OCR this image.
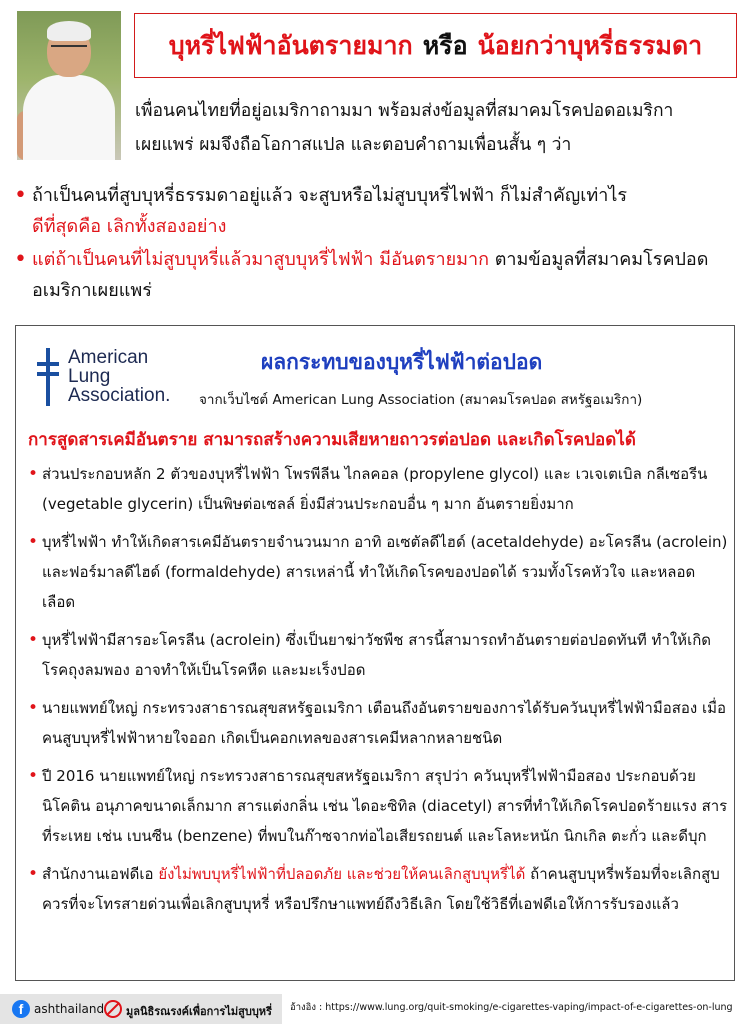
บุหรี่ไฟฟ้าอันตรายมาก หรือ น้อยกว่าบุหรี่ธรรมดา
เพื่อนคนไทยที่อยู่อเมริกาถามมา พร้อมส่งข้อมูลที่สมาคมโรคปอดอเมริกา
เผยแพร่ ผมจึงถือโอกาสแปล และตอบคำถามเพื่อนสั้น ๆ ว่า
• ถ้าเป็นคนที่สูบบุหรี่ธรรมดาอยู่แล้ว จะสูบหรือไม่สูบบุหรี่ไฟฟ้า ก็ไม่สำคัญเท่าไร
ดีที่สุดคือ เลิกทั้งสองอย่าง
• แต่ถ้าเป็นคนที่ไม่สูบบุหรี่แล้วมาสูบบุหรี่ไฟฟ้า มีอันตรายมาก ตามข้อมูลที่สมาคมโรคปอดอเมริกาเผยแพร่
American
Lung
Association.
ผลกระทบของบุหรี่ไฟฟ้าต่อปอด
จากเว็บไซต์ American Lung Association (สมาคมโรคปอด สหรัฐอเมริกา)
การสูดสารเคมีอันตราย สามารถสร้างความเสียหายถาวรต่อปอด และเกิดโรคปอดได้
• ส่วนประกอบหลัก 2 ตัวของบุหรี่ไฟฟ้า โพรพีลีน ไกลคอล (propylene glycol) และ เวเจเตเบิล กลีเซอรีน (vegetable glycerin) เป็นพิษต่อเซลล์ ยิ่งมีส่วนประกอบอื่น ๆ มาก อันตรายยิ่งมาก
• บุหรี่ไฟฟ้า ทำให้เกิดสารเคมีอันตรายจำนวนมาก อาทิ อเซตัลดีไฮด์ (acetaldehyde) อะโครลีน (acrolein) และฟอร์มาลดีไฮด์ (formaldehyde) สารเหล่านี้ ทำให้เกิดโรคของปอดได้ รวมทั้งโรคหัวใจ และหลอดเลือด
• บุหรี่ไฟฟ้ามีสารอะโครลีน (acrolein) ซึ่งเป็นยาฆ่าวัชพืช สารนี้สามารถทำอันตรายต่อปอดทันที ทำให้เกิดโรคถุงลมพอง อาจทำให้เป็นโรคหืด และมะเร็งปอด
• นายแพทย์ใหญ่ กระทรวงสาธารณสุขสหรัฐอเมริกา เตือนถึงอันตรายของการได้รับควันบุหรี่ไฟฟ้ามือสอง เมื่อคนสูบบุหรี่ไฟฟ้าหายใจออก เกิดเป็นคอกเทลของสารเคมีหลากหลายชนิด
• ปี 2016 นายแพทย์ใหญ่ กระทรวงสาธารณสุขสหรัฐอเมริกา สรุปว่า ควันบุหรี่ไฟฟ้ามือสอง ประกอบด้วย นิโคติน อนุภาคขนาดเล็กมาก สารแต่งกลิ่น เช่น ไดอะซิทิล (diacetyl) สารที่ทำให้เกิดโรคปอดร้ายแรง สารที่ระเหย เช่น เบนซีน (benzene) ที่พบในก๊าซจากท่อไอเสียรถยนต์ และโลหะหนัก นิกเกิล ตะกั่ว และดีบุก
• สำนักงานเอฟดีเอ ยังไม่พบบุหรี่ไฟฟ้าที่ปลอดภัย และช่วยให้คนเลิกสูบบุหรี่ได้ ถ้าคนสูบบุหรี่พร้อมที่จะเลิกสูบ ควรที่จะโทรสายด่วนเพื่อเลิกสูบบุหรี่ หรือปรึกษาแพทย์ถึงวิธีเลิก โดยใช้วิธีที่เอฟดีเอให้การรับรองแล้ว
f ashthailand มูลนิธิรณรงค์เพื่อการไม่สูบบุหรี่ อ้างอิง : https://www.lung.org/quit-smoking/e-cigarettes-vaping/impact-of-e-cigarettes-on-lung
